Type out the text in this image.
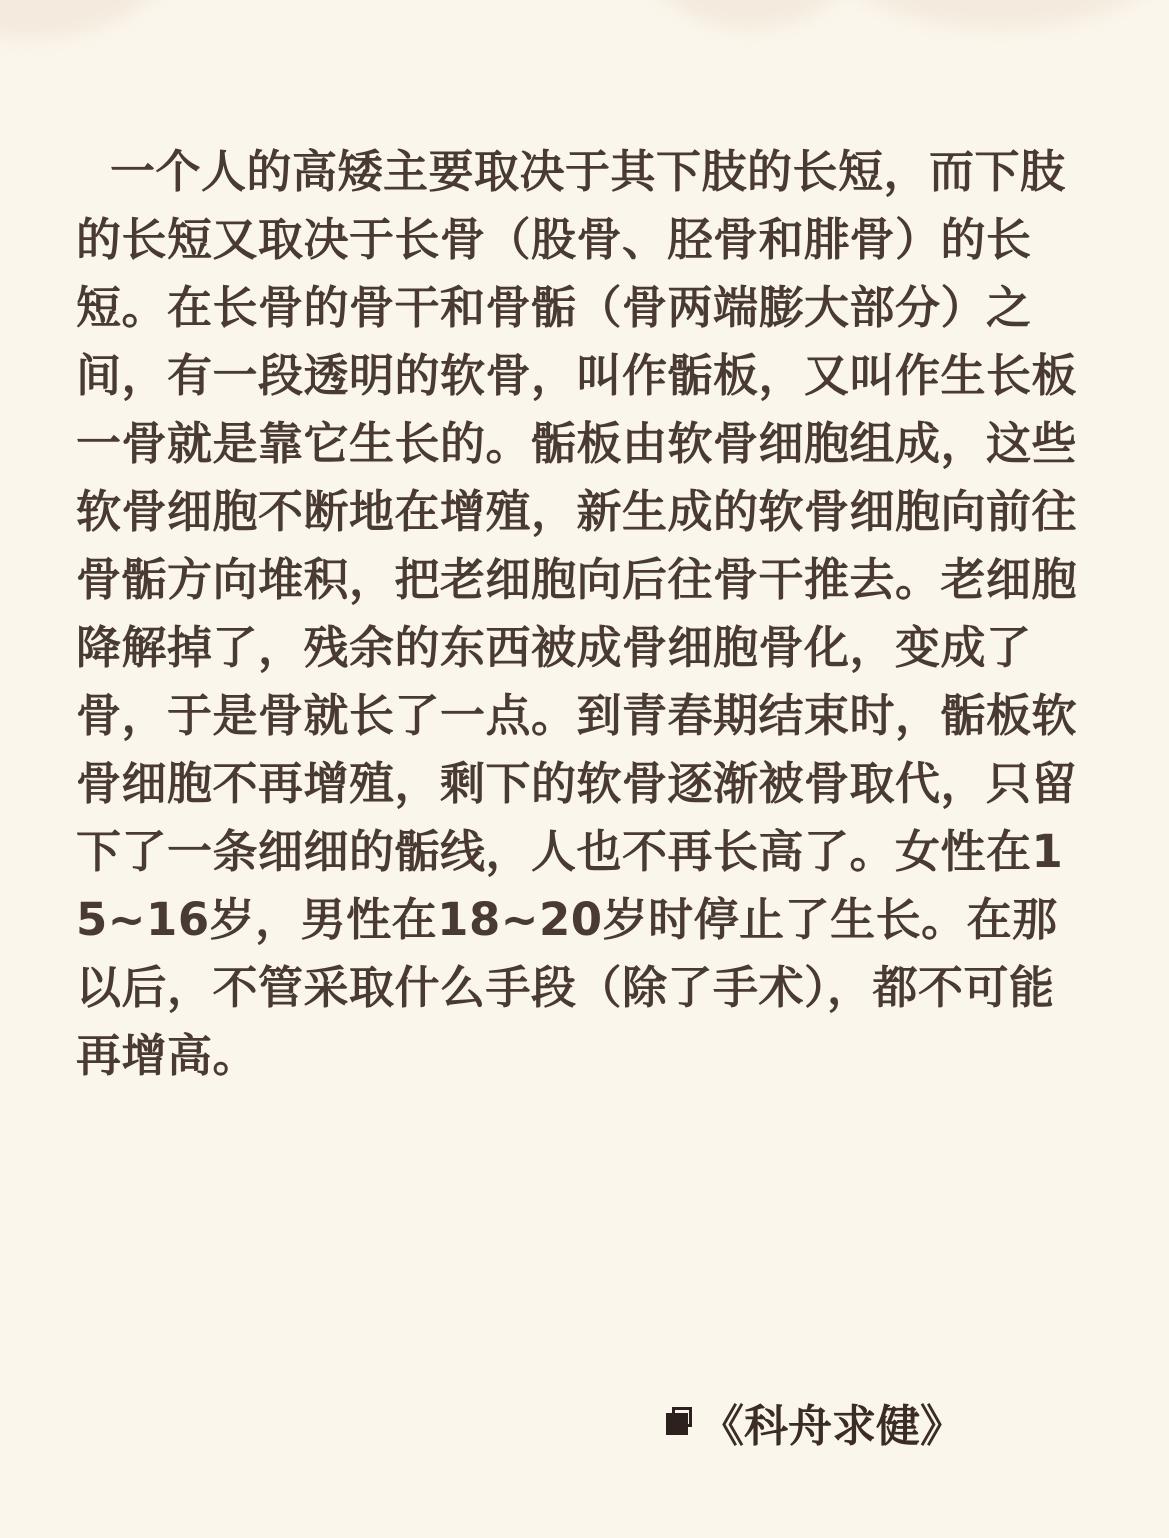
一个人的高矮主要取决于其下肢的长短，而下肢的长短又取决于长骨（股骨、胫骨和腓骨）的长短。在长骨的骨干和骨骺（骨两端膨大部分）之间，有一段透明的软骨，叫作骺板，又叫作生长板一骨就是靠它生长的。骺板由软骨细胞组成，这些软骨细胞不断地在增殖，新生成的软骨细胞向前往骨骺方向堆积，把老细胞向后往骨干推去。老细胞降解掉了，残余的东西被成骨细胞骨化，变成了骨，于是骨就长了一点。到青春期结束时，骺板软骨细胞不再增殖，剩下的软骨逐渐被骨取代，只留下了一条细细的骺线，人也不再长高了。女性在15~16岁，男性在18~20岁时停止了生长。在那以后，不管采取什么手段（除了手术），都不可能再增高。

《科舟求健》
